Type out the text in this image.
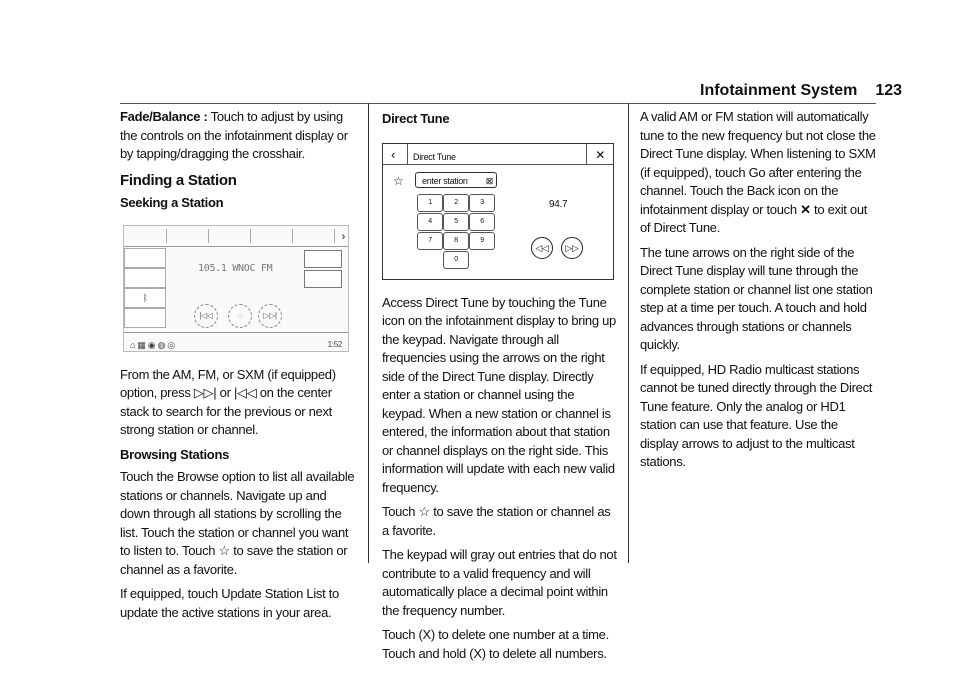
Infotainment System 123

Fade/Balance : Touch to adjust by using the controls on the infotainment display or by tapping/dragging the crosshair.

Finding a Station
Seeking a Station
›
ᛒ
105.1 WNOC FM
|◁◁	◌	▷▷|
⌂ ▦ ◉ ◍ ◎	1:52

From the AM, FM, or SXM (if equipped) option, press ▷▷| or |◁◁ on the center stack to search for the previous or next strong station or channel.

Browsing Stations

Touch the Browse option to list all available stations or channels. Navigate up and down through all stations by scrolling the list. Touch the station or channel you want to listen to. Touch ☆ to save the station or channel as a favorite.

If equipped, touch Update Station List to update the active stations in your area.

Direct Tune
‹ Direct Tune	✕
☆	enter station ⊠
1	2	3
4	5	6
7	8	9
0
94.7
◁◁	▷▷

Access Direct Tune by touching the Tune icon on the infotainment display to bring up the keypad. Navigate through all frequencies using the arrows on the right side of the Direct Tune display. Directly enter a station or channel using the keypad. When a new station or channel is entered, the information about that station or channel displays on the right side. This information will update with each new valid frequency.

Touch ☆ to save the station or channel as a favorite.

The keypad will gray out entries that do not contribute to a valid frequency and will automatically place a decimal point within the frequency number.

Touch (X) to delete one number at a time. Touch and hold (X) to delete all numbers.

A valid AM or FM station will automatically tune to the new frequency but not close the Direct Tune display. When listening to SXM (if equipped), touch Go after entering the channel. Touch the Back icon on the infotainment display or touch ✕ to exit out of Direct Tune.

The tune arrows on the right side of the Direct Tune display will tune through the complete station or channel list one station step at a time per touch. A touch and hold advances through stations or channels quickly.

If equipped, HD Radio multicast stations cannot be tuned directly through the Direct Tune feature. Only the analog or HD1 station can use that feature. Use the display arrows to adjust to the multicast stations.
